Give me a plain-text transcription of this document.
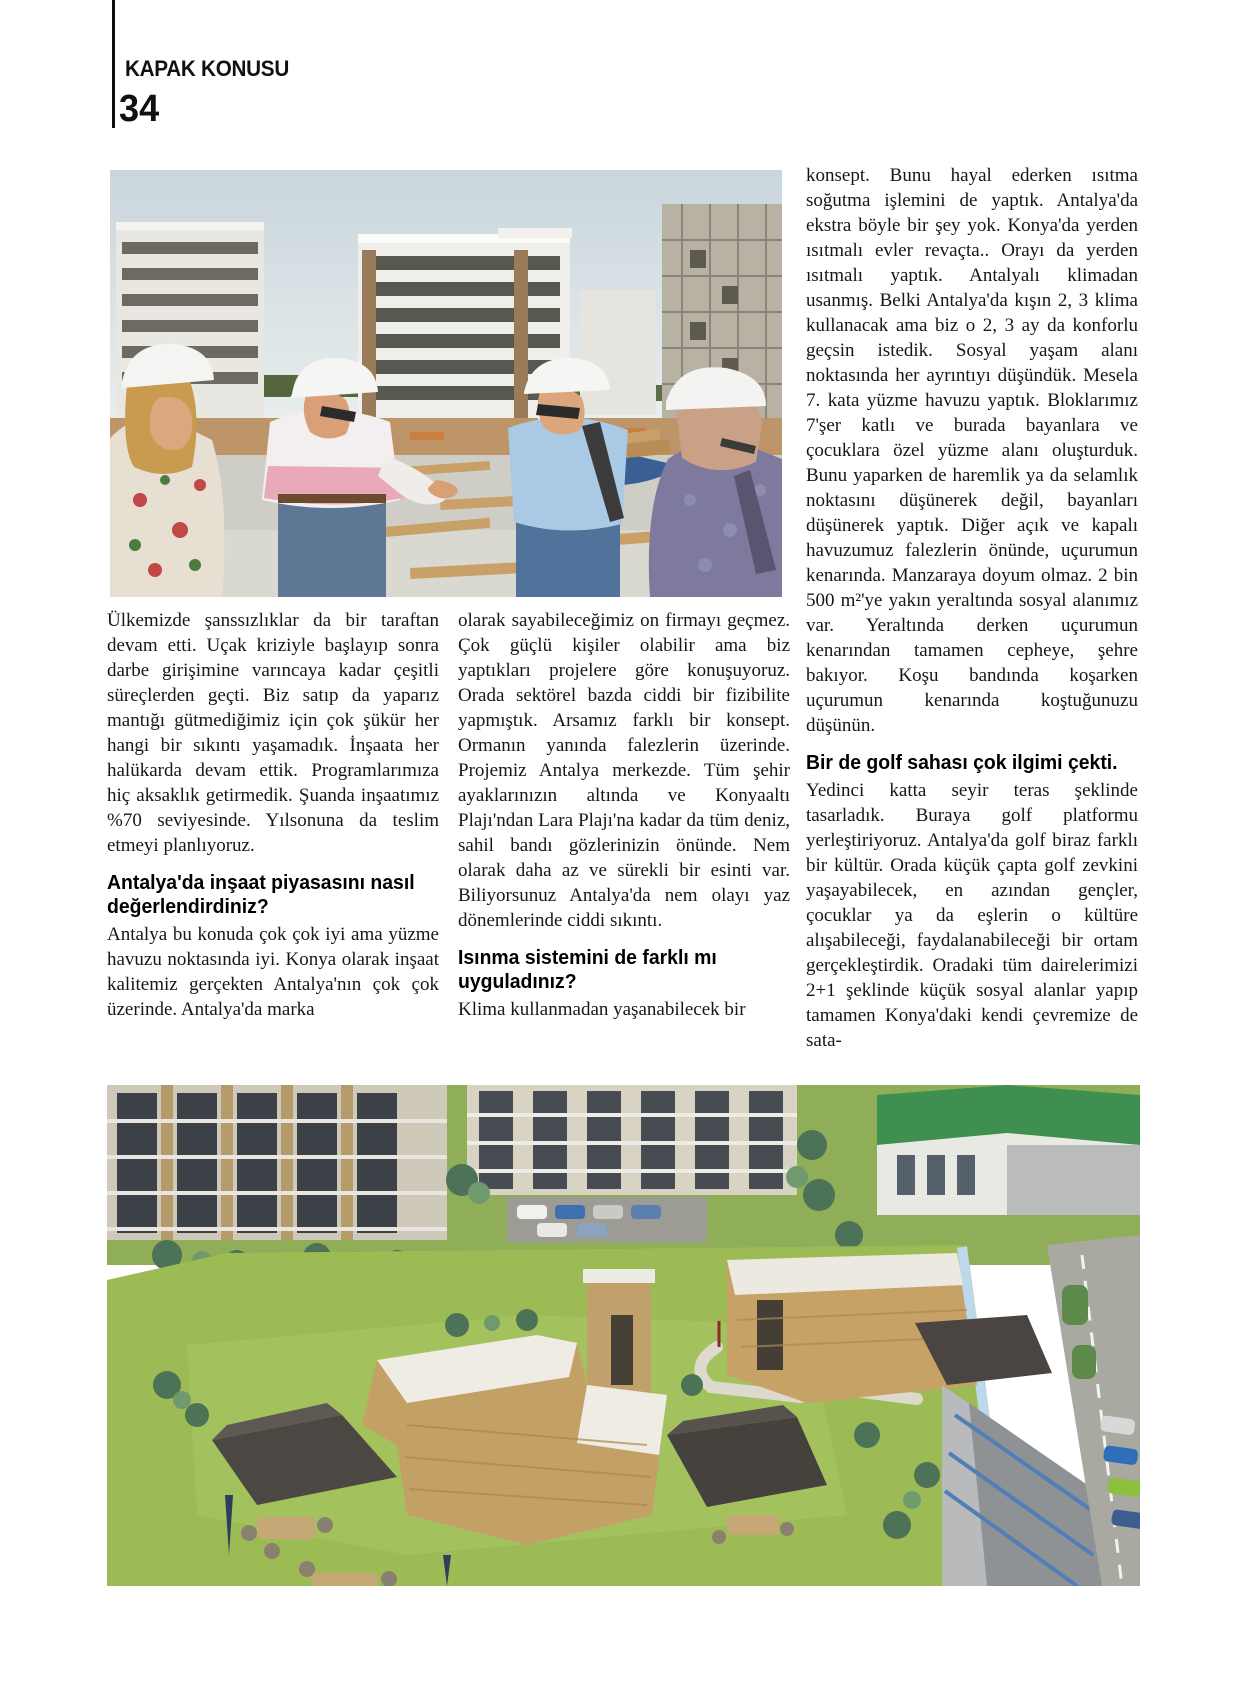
KAPAK KONUSU
34

Ülkemizde şanssızlıklar da bir taraftan devam etti. Uçak kriziyle başlayıp sonra darbe girişimine varıncaya kadar çeşitli süreçlerden geçti. Biz satıp da yaparız mantığı gütmediğimiz için çok şükür her hangi bir sıkıntı yaşamadık. İnşaata her halükarda devam ettik. Programlarımıza hiç aksaklık getirmedik. Şuanda inşaatımız %70 seviyesinde. Yılsonuna da teslim etmeyi planlıyoruz.

Antalya'da inşaat piyasasını nasıl değerlendirdiniz?

Antalya bu konuda çok çok iyi ama yüzme havuzu noktasında iyi. Konya olarak inşaat kalitemiz gerçekten Antalya'nın çok çok üzerinde. Antalya'da marka

olarak sayabileceğimiz on firmayı geçmez. Çok güçlü kişiler olabilir ama biz yaptıkları projelere göre konuşuyoruz. Orada sektörel bazda ciddi bir fizibilite yapmıştık. Arsamız farklı bir konsept. Ormanın yanında falezlerin üzerinde. Projemiz Antalya merkezde. Tüm şehir ayaklarınızın altında ve Konyaaltı Plajı'ndan Lara Plajı'na kadar da tüm deniz, sahil bandı gözlerinizin önünde. Nem olarak daha az ve sürekli bir esinti var. Biliyorsunuz Antalya'da nem olayı yaz dönemlerinde ciddi sıkıntı.

Isınma sistemini de farklı mı uyguladınız?

Klima kullanmadan yaşanabilecek bir

konsept. Bunu hayal ederken ısıtma soğutma işlemini de yaptık. Antalya'da ekstra böyle bir şey yok. Konya'da yerden ısıtmalı evler revaçta.. Orayı da yerden ısıtmalı yaptık. Antalyalı klimadan usanmış. Belki Antalya'da kışın 2, 3 klima kullanacak ama biz o 2, 3 ay da konforlu geçsin istedik. Sosyal yaşam alanı noktasında her ayrıntıyı düşündük. Mesela 7. kata yüzme havuzu yaptık. Bloklarımız 7'şer katlı ve burada bayanlara ve çocuklara özel yüzme alanı oluşturduk. Bunu yaparken de haremlik ya da selamlık noktasını düşünerek değil, bayanları düşünerek yaptık. Diğer açık ve kapalı havuzumuz falezlerin önünde, uçurumun kenarında. Manzaraya doyum olmaz. 2 bin 500 m²'ye yakın yeraltında sosyal alanımız var. Yeraltında derken uçurumun kenarından tamamen cepheye, şehre bakıyor. Koşu bandında koşarken uçurumun kenarında koştuğunuzu düşünün.

Bir de golf sahası çok ilgimi çekti.

Yedinci katta seyir teras şeklinde tasarladık. Buraya golf platformu yerleştiriyoruz. Antalya'da golf biraz farklı bir kültür. Orada küçük çapta golf zevkini yaşayabilecek, en azından gençler, çocuklar ya da eşlerin o kültüre alışabileceği, faydalanabileceği bir ortam gerçekleştirdik. Oradaki tüm dairelerimizi 2+1 şeklinde küçük sosyal alanlar yapıp tamamen Konya'daki kendi çevremize de sata-
